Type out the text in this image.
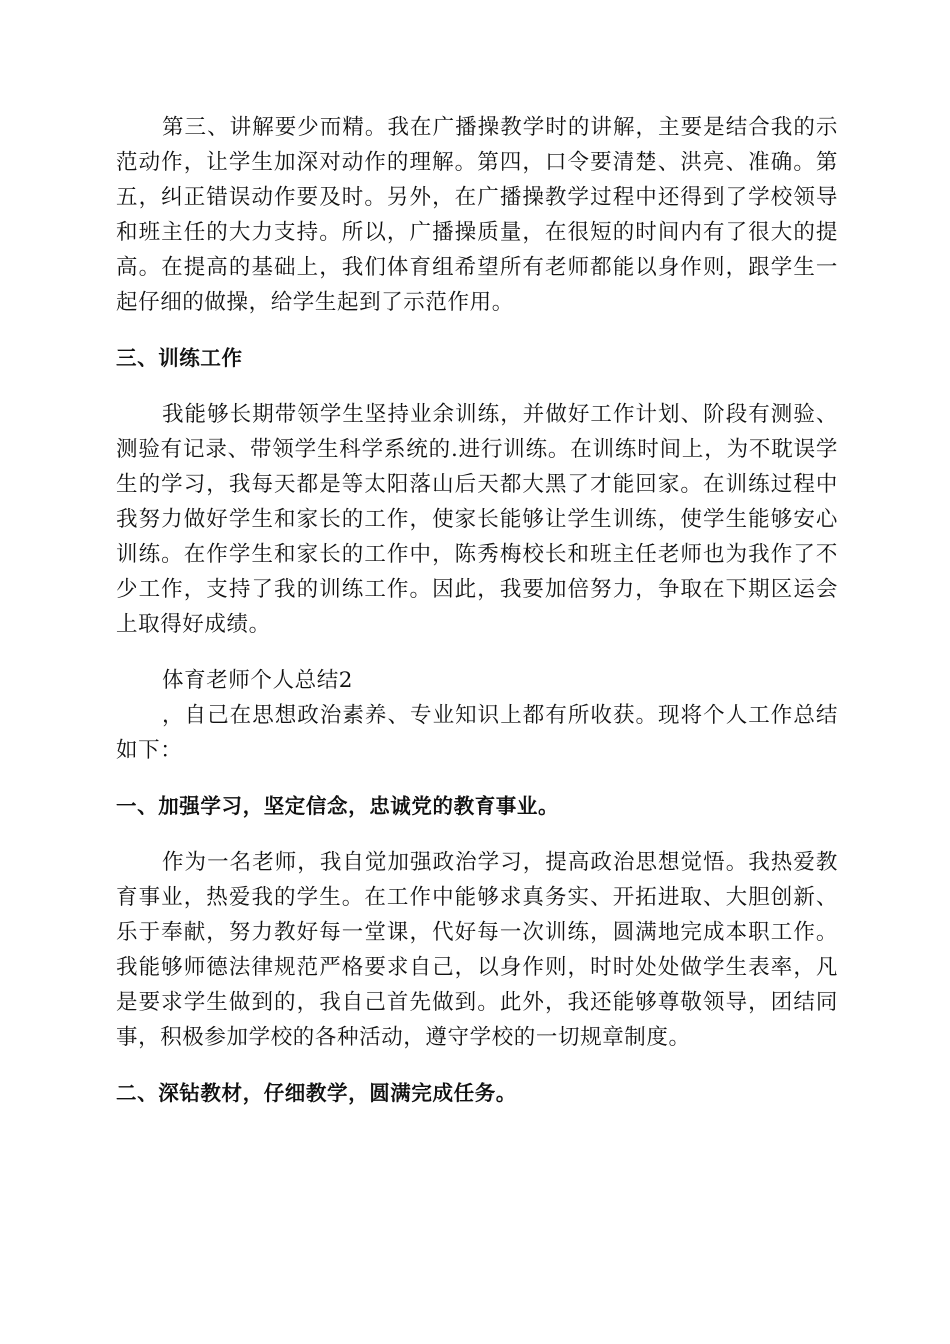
第三、讲解要少而精。我在广播操教学时的讲解，主要是结合我的示范动作，让学生加深对动作的理解。第四，口令要清楚、洪亮、准确。第五，纠正错误动作要及时。另外，在广播操教学过程中还得到了学校领导和班主任的大力支持。所以，广播操质量，在很短的时间内有了很大的提高。在提高的基础上，我们体育组希望所有老师都能以身作则，跟学生一起仔细的做操，给学生起到了示范作用。

三、训练工作

我能够长期带领学生坚持业余训练，并做好工作计划、阶段有测验、测验有记录、带领学生科学系统的.进行训练。在训练时间上，为不耽误学生的学习，我每天都是等太阳落山后天都大黑了才能回家。在训练过程中我努力做好学生和家长的工作，使家长能够让学生训练，使学生能够安心训练。在作学生和家长的工作中，陈秀梅校长和班主任老师也为我作了不少工作，支持了我的训练工作。因此，我要加倍努力，争取在下期区运会上取得好成绩。

体育老师个人总结2

，自己在思想政治素养、专业知识上都有所收获。现将个人工作总结如下：

一、加强学习，坚定信念，忠诚党的教育事业。

作为一名老师，我自觉加强政治学习，提高政治思想觉悟。我热爱教育事业，热爱我的学生。在工作中能够求真务实、开拓进取、大胆创新、乐于奉献，努力教好每一堂课，代好每一次训练，圆满地完成本职工作。我能够师德法律规范严格要求自己，以身作则，时时处处做学生表率，凡是要求学生做到的，我自己首先做到。此外，我还能够尊敬领导，团结同事，积极参加学校的各种活动，遵守学校的一切规章制度。

二、深钻教材，仔细教学，圆满完成任务。
